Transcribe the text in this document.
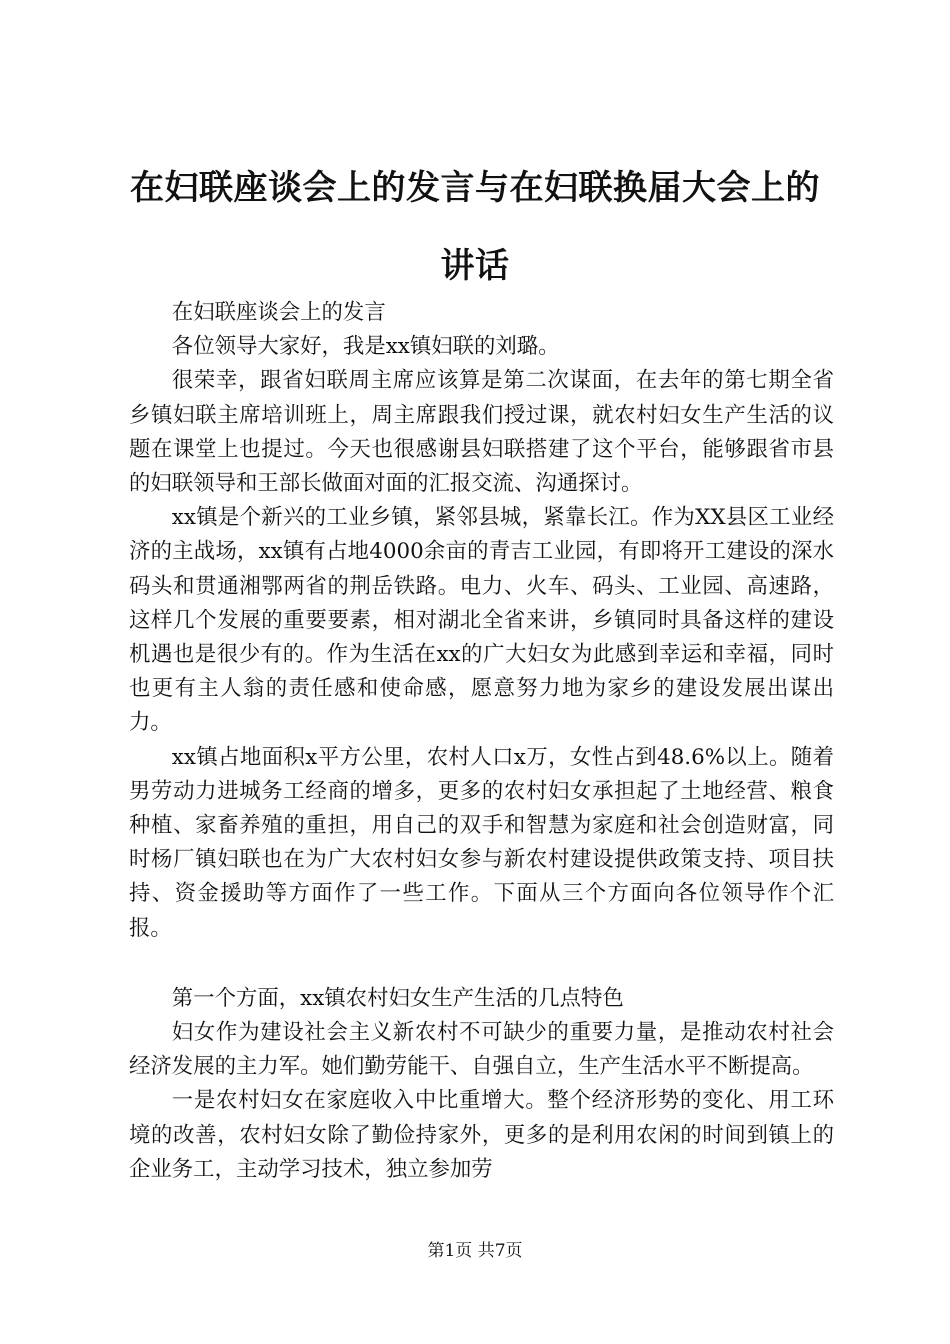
在妇联座谈会上的发言与在妇联换届大会上的
讲话

在妇联座谈会上的发言

各位领导大家好，我是xx镇妇联的刘璐。

很荣幸，跟省妇联周主席应该算是第二次谋面，在去年的第七期全省乡镇妇联主席培训班上，周主席跟我们授过课，就农村妇女生产生活的议题在课堂上也提过。今天也很感谢县妇联搭建了这个平台，能够跟省市县的妇联领导和王部长做面对面的汇报交流、沟通探讨。

xx镇是个新兴的工业乡镇，紧邻县城，紧靠长江。作为XX县区工业经济的主战场，xx镇有占地4000余亩的青吉工业园，有即将开工建设的深水码头和贯通湘鄂两省的荆岳铁路。电力、火车、码头、工业园、高速路，这样几个发展的重要要素，相对湖北全省来讲，乡镇同时具备这样的建设机遇也是很少有的。作为生活在xx的广大妇女为此感到幸运和幸福，同时也更有主人翁的责任感和使命感，愿意努力地为家乡的建设发展出谋出力。

xx镇占地面积x平方公里，农村人口x万，女性占到48.6%以上。随着男劳动力进城务工经商的增多，更多的农村妇女承担起了土地经营、粮食种植、家畜养殖的重担，用自己的双手和智慧为家庭和社会创造财富，同时杨厂镇妇联也在为广大农村妇女参与新农村建设提供政策支持、项目扶持、资金援助等方面作了一些工作。下面从三个方面向各位领导作个汇报。

第一个方面，xx镇农村妇女生产生活的几点特色

妇女作为建设社会主义新农村不可缺少的重要力量，是推动农村社会经济发展的主力军。她们勤劳能干、自强自立，生产生活水平不断提高。

一是农村妇女在家庭收入中比重增大。整个经济形势的变化、用工环境的改善，农村妇女除了勤俭持家外，更多的是利用农闲的时间到镇上的企业务工，主动学习技术，独立参加劳

第1页 共7页
